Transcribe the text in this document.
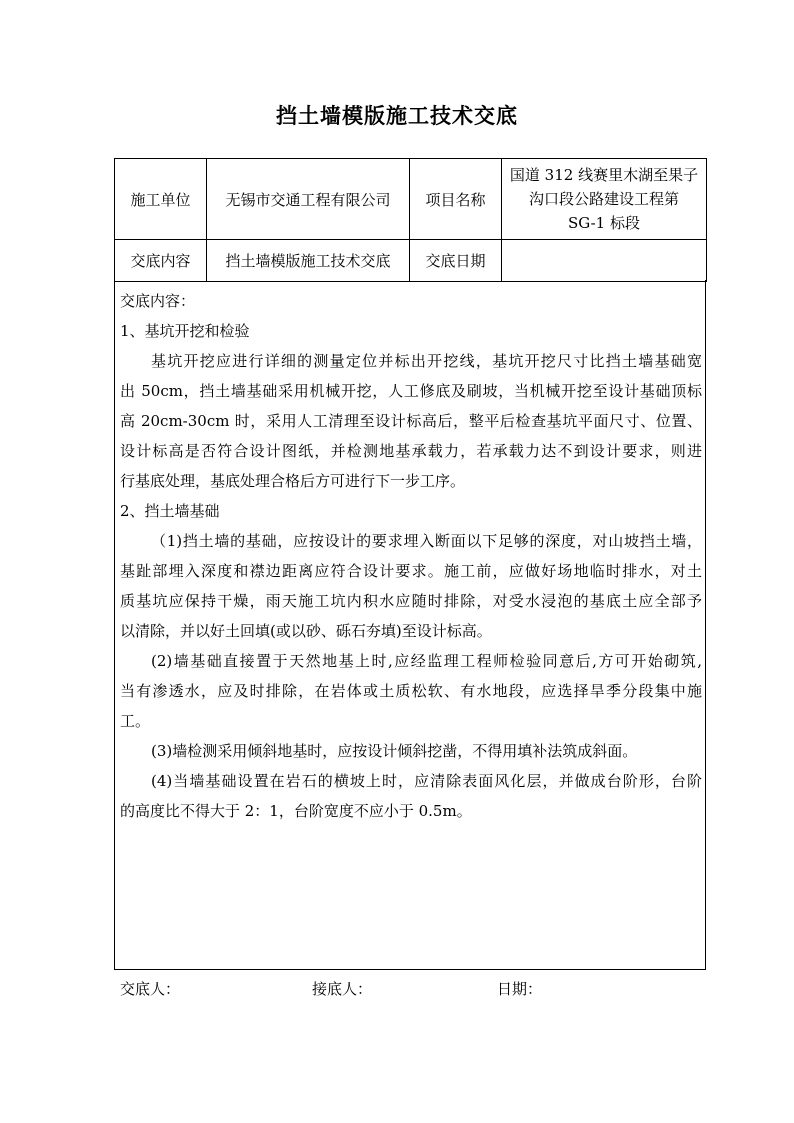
挡土墙模版施工技术交底
施工单位	无锡市交通工程有限公司	项目名称	国道 312 线赛里木湖至果子
沟口段公路建设工程第
SG-1 标段

交底内容	挡土墙模版施工技术交底	交底日期	
交底内容：
1、基坑开挖和检验
基坑开挖应进行详细的测量定位并标出开挖线，基坑开挖尺寸比挡土墙基础宽
出 50cm，挡土墙基础采用机械开挖，人工修底及刷坡，当机械开挖至设计基础顶标
高 20cm-30cm 时，采用人工清理至设计标高后，整平后检查基坑平面尺寸、位置、
设计标高是否符合设计图纸，并检测地基承载力，若承载力达不到设计要求，则进
行基底处理，基底处理合格后方可进行下一步工序。
2、挡土墙基础
（1)挡土墙的基础，应按设计的要求埋入断面以下足够的深度，对山坡挡土墙，
基趾部埋入深度和襟边距离应符合设计要求。施工前，应做好场地临时排水，对土
质基坑应保持干燥，雨天施工坑内积水应随时排除，对受水浸泡的基底土应全部予
以清除，并以好土回填(或以砂、砾石夯填)至设计标高。
(2)墙基础直接置于天然地基上时,应经监理工程师检验同意后,方可开始砌筑,
当有渗透水，应及时排除，在岩体或土质松软、有水地段，应选择旱季分段集中施
工。
(3)墙检测采用倾斜地基时，应按设计倾斜挖凿，不得用填补法筑成斜面。
(4)当墙基础设置在岩石的横坡上时，应清除表面风化层，并做成台阶形，台阶
的高度比不得大于 2：1，台阶宽度不应小于 0.5m。
交底人：	接底人：	日期：
